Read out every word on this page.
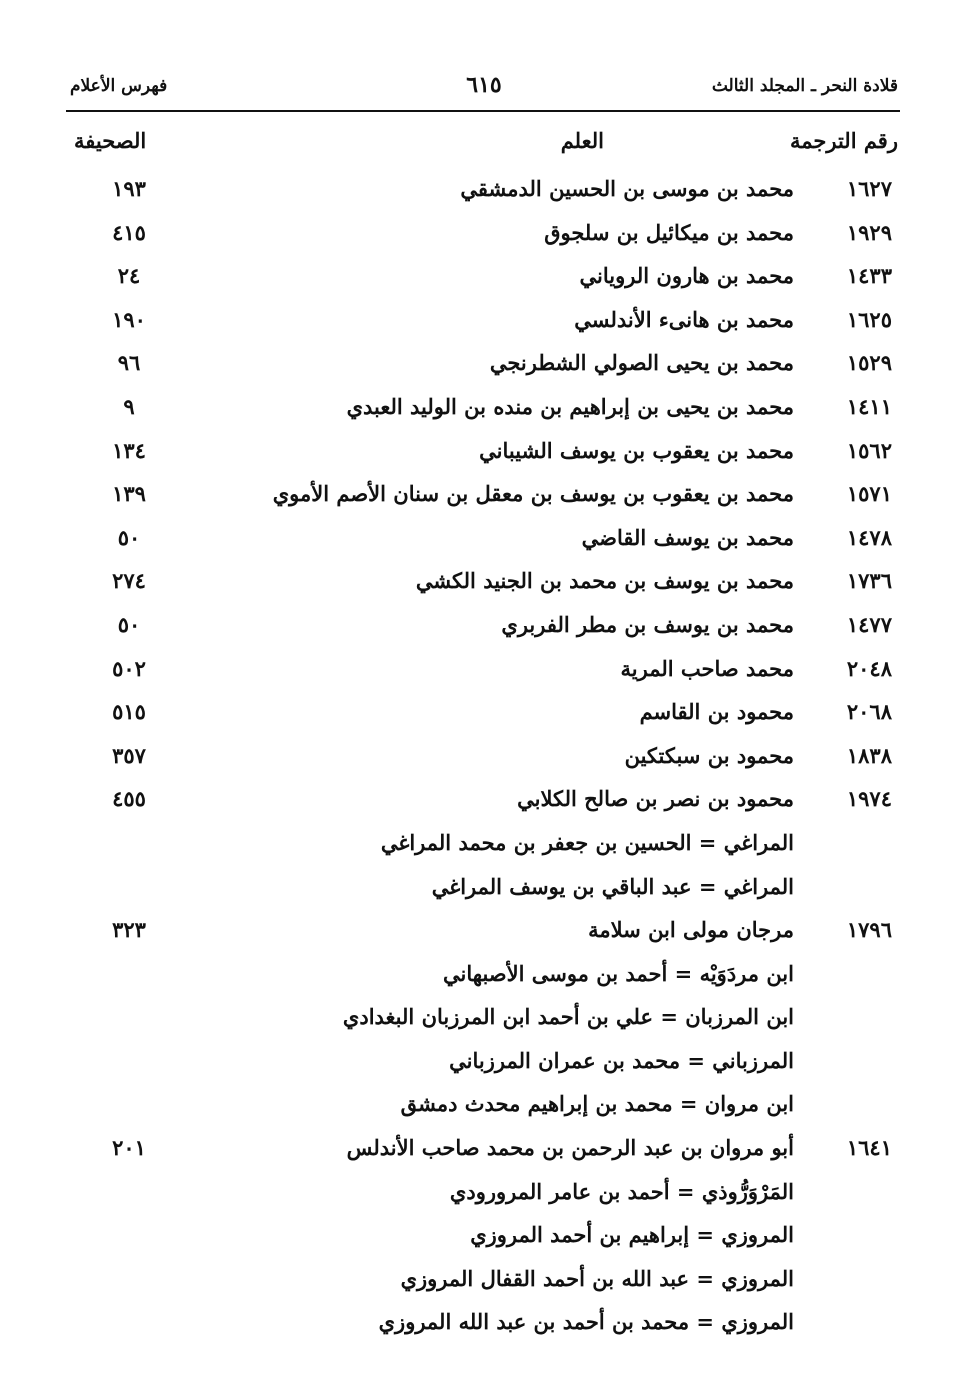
قلادة النحر ـ المجلد الثالث
٦١٥
فهرس الأعلام
رقم الترجمة
العلم
الصحيفة
١٦٢٧
محمد بن موسى بن الحسين الدمشقي
١٩٣
١٩٢٩
محمد بن ميكائيل بن سلجوق
٤١٥
١٤٣٣
محمد بن هارون الروياني
٢٤
١٦٢٥
محمد بن هانىء الأندلسي
١٩٠
١٥٢٩
محمد بن يحيى الصولي الشطرنجي
٩٦
١٤١١
محمد بن يحيى بن إبراهيم بن منده بن الوليد العبدي
٩
١٥٦٢
محمد بن يعقوب بن يوسف الشيباني
١٣٤
١٥٧١
محمد بن يعقوب بن يوسف بن معقل بن سنان الأصم الأموي
١٣٩
١٤٧٨
محمد بن يوسف القاضي
٥٠
١٧٣٦
محمد بن يوسف بن محمد بن الجنيد الكشي
٢٧٤
١٤٧٧
محمد بن يوسف بن مطر الفربري
٥٠
٢٠٤٨
محمد صاحب المرية
٥٠٢
٢٠٦٨
محمود بن القاسم
٥١٥
١٨٣٨
محمود بن سبكتكين
٣٥٧
١٩٧٤
محمود بن نصر بن صالح الكلابي
٤٥٥
المراغي = الحسين بن جعفر بن محمد المراغي
المراغي = عبد الباقي بن يوسف المراغي
١٧٩٦
مرجان مولى ابن سلامة
٣٢٣
ابن مردَوَيْه = أحمد بن موسى الأصبهاني
ابن المرزبان = علي بن أحمد ابن المرزبان البغدادي
المرزباني = محمد بن عمران المرزباني
ابن مروان = محمد بن إبراهيم محدث دمشق
١٦٤١
أبو مروان بن عبد الرحمن بن محمد صاحب الأندلس
٢٠١
المَرْوَرُّوذي = أحمد بن عامر المرورودي
المروزي = إبراهيم بن أحمد المروزي
المروزي = عبد الله بن أحمد القفال المروزي
المروزي = محمد بن أحمد بن عبد الله المروزي
